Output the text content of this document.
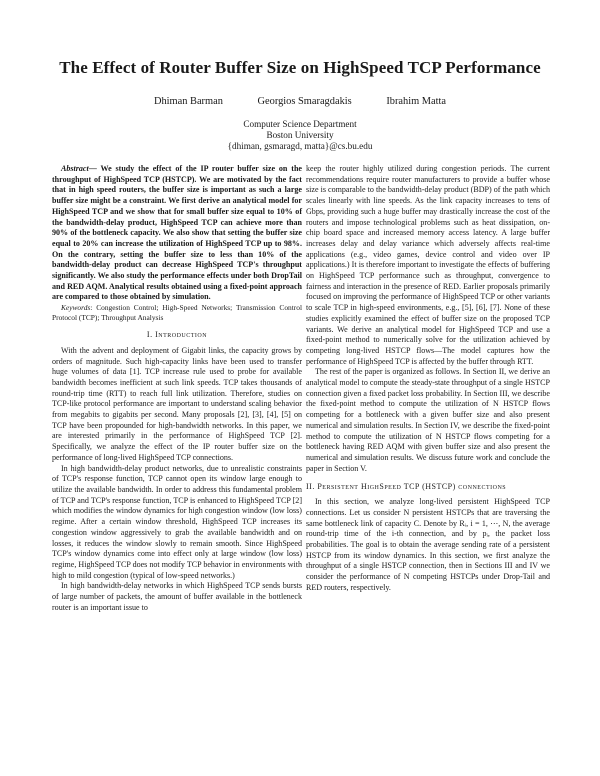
The Effect of Router Buffer Size on HighSpeed TCP Performance
Dhiman Barman	Georgios Smaragdakis	Ibrahim Matta
Computer Science Department
Boston University
{dhiman, gsmaragd, matta}@cs.bu.edu

Abstract— We study the effect of the IP router buffer size on the throughput of HighSpeed TCP (HSTCP). We are motivated by the fact that in high speed routers, the buffer size is important as such a large buffer size might be a constraint. We first derive an analytical model for HighSpeed TCP and we show that for small buffer size equal to 10% of the bandwidth-delay product, HighSpeed TCP can achieve more than 90% of the bottleneck capacity. We also show that setting the buffer size equal to 20% can increase the utilization of HighSpeed TCP up to 98%. On the contrary, setting the buffer size to less than 10% of the bandwidth-delay product can decrease HighSpeed TCP's throughput significantly. We also study the performance effects under both DropTail and RED AQM. Analytical results obtained using a fixed-point approach are compared to those obtained by simulation.

Keywords: Congestion Control; High-Speed Networks; Transmission Control Protocol (TCP); Throughput Analysis

I. Introduction

With the advent and deployment of Gigabit links, the capacity grows by orders of magnitude. Such high-capacity links have been used to transfer huge volumes of data [1]. TCP increase rule used to probe for available bandwidth becomes inefficient at such link speeds. TCP takes thousands of round-trip time (RTT) to reach full link utilization. Therefore, studies on TCP-like protocol performance are important to understand scaling behavior from megabits to gigabits per second. Many proposals [2], [3], [4], [5] on TCP have been propounded for high-bandwidth networks. In this paper, we are interested primarily in the performance of HighSpeed TCP [2]. Specifically, we analyze the effect of the IP router buffer size on the performance of long-lived HighSpeed TCP connections.

In high bandwidth-delay product networks, due to unrealistic constraints of TCP's response function, TCP cannot open its window large enough to utilize the available bandwidth. In order to address this fundamental problem of TCP and TCP's response function, TCP is enhanced to HighSpeed TCP [2] which modifies the window dynamics for high congestion window (low loss) regime. After a certain window threshold, HighSpeed TCP increases its congestion window aggressively to grab the available bandwidth and on losses, it reduces the window slowly to remain smooth. Since HighSpeed TCP's window dynamics come into effect only at large window (low loss) regime, HighSpeed TCP does not modify TCP behavior in environments with high to mild congestion (typical of low-speed networks.)

In high bandwidth-delay networks in which HighSpeed TCP sends bursts of large number of packets, the amount of buffer available in the bottleneck router is an important issue to

keep the router highly utilized during congestion periods. The current recommendations require router manufacturers to provide a buffer whose size is comparable to the bandwidth-delay product (BDP) of the path which scales linearly with line speeds. As the link capacity increases to tens of Gbps, providing such a huge buffer may drastically increase the cost of the routers and impose technological problems such as heat dissipation, on-chip board space and increased memory access latency. A large buffer increases delay and delay variance which adversely affects real-time applications (e.g., video games, device control and video over IP applications.) It is therefore important to investigate the effects of buffering on HighSpeed TCP performance such as throughput, convergence to fairness and interaction in the presence of RED. Earlier proposals primarily focused on improving the performance of HighSpeed TCP or other variants to scale TCP in high-speed environments, e.g., [5], [6], [7]. None of these studies explicitly examined the effect of buffer size on the proposed TCP variants. We derive an analytical model for HighSpeed TCP and use a fixed-point method to numerically solve for the utilization achieved by competing long-lived HSTCP flows—The model captures how the performance of HighSpeed TCP is affected by the buffer through RTT.

The rest of the paper is organized as follows. In Section II, we derive an analytical model to compute the steady-state throughput of a single HSTCP connection given a fixed packet loss probability. In Section III, we describe the fixed-point method to compute the utilization of N HSTCP flows competing for a bottleneck with a given buffer size and also present numerical and simulation results. In Section IV, we describe the fixed-point method to compute the utilization of N HSTCP flows competing for a bottleneck having RED AQM with given buffer size and also present the numerical and simulation results. We discuss future work and conclude the paper in Section V.

II. Persistent HighSpeed TCP (HSTCP) connections

In this section, we analyze long-lived persistent HighSpeed TCP connections. Let us consider N persistent HSTCPs that are traversing the same bottleneck link of capacity C. Denote by Rᵢ, i = 1, ⋯, N, the average round-trip time of the i-th connection, and by pᵢ, the packet loss probabilities. The goal is to obtain the average sending rate of a persistent HSTCP from its window dynamics. In this section, we first analyze the throughput of a single HSTCP connection, then in Sections III and IV we consider the performance of N competing HSTCPs under Drop-Tail and RED routers, respectively.
